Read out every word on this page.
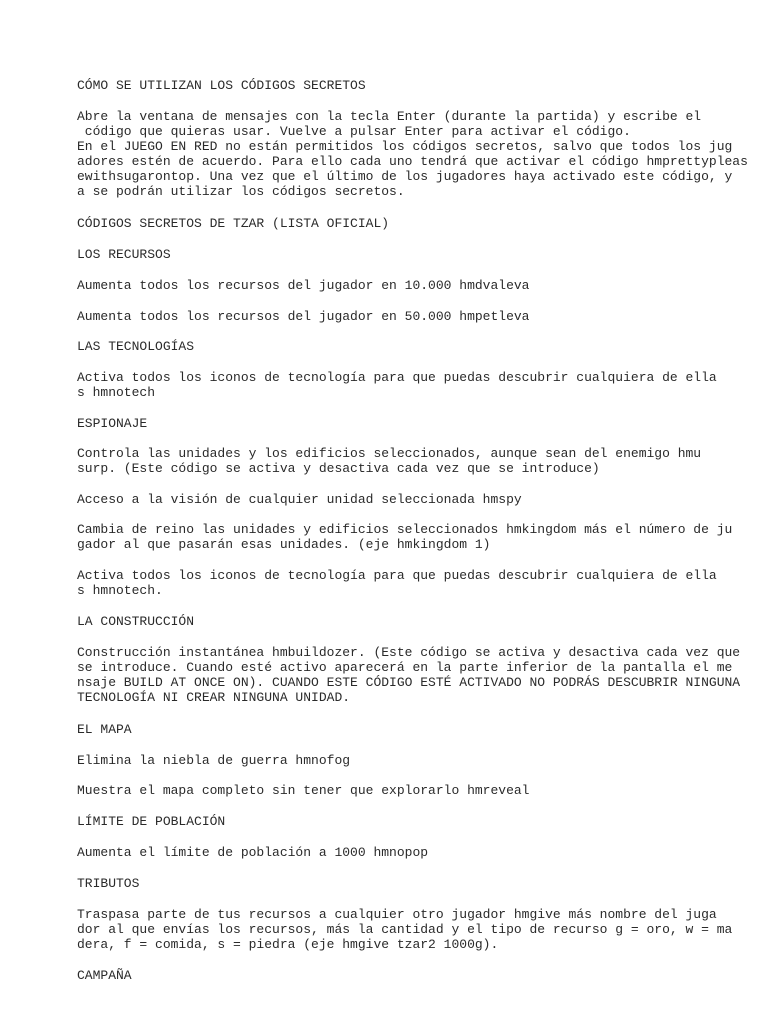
CÓMO SE UTILIZAN LOS CÓDIGOS SECRETOS

Abre la ventana de mensajes con la tecla Enter (durante la partida) y escribe el

código que quieras usar. Vuelve a pulsar Enter para activar el código.

En el JUEGO EN RED no están permitidos los códigos secretos, salvo que todos los jug

adores estén de acuerdo. Para ello cada uno tendrá que activar el código hmprettypleas

ewithsugarontop. Una vez que el último de los jugadores haya activado este código, y

a se podrán utilizar los códigos secretos.

CÓDIGOS SECRETOS DE TZAR (LISTA OFICIAL)

LOS RECURSOS

Aumenta todos los recursos del jugador en 10.000 hmdvaleva

Aumenta todos los recursos del jugador en 50.000 hmpetleva

LAS TECNOLOGÍAS

Activa todos los iconos de tecnología para que puedas descubrir cualquiera de ella

s hmnotech

ESPIONAJE

Controla las unidades y los edificios seleccionados, aunque sean del enemigo hmu

surp. (Este código se activa y desactiva cada vez que se introduce)

Acceso a la visión de cualquier unidad seleccionada hmspy

Cambia de reino las unidades y edificios seleccionados hmkingdom más el número de ju

gador al que pasarán esas unidades. (eje hmkingdom 1)

Activa todos los iconos de tecnología para que puedas descubrir cualquiera de ella

s hmnotech.

LA CONSTRUCCIÓN

Construcción instantánea hmbuildozer. (Este código se activa y desactiva cada vez que

se introduce. Cuando esté activo aparecerá en la parte inferior de la pantalla el me

nsaje BUILD AT ONCE ON). CUANDO ESTE CÓDIGO ESTÉ ACTIVADO NO PODRÁS DESCUBRIR NINGUNA

TECNOLOGÍA NI CREAR NINGUNA UNIDAD.

EL MAPA

Elimina la niebla de guerra hmnofog

Muestra el mapa completo sin tener que explorarlo hmreveal

LÍMITE DE POBLACIÓN

Aumenta el límite de población a 1000 hmnopop

TRIBUTOS

Traspasa parte de tus recursos a cualquier otro jugador hmgive más nombre del juga

dor al que envías los recursos, más la cantidad y el tipo de recurso g = oro, w = ma

dera, f = comida, s = piedra (eje hmgive tzar2 1000g).

CAMPAÑA
